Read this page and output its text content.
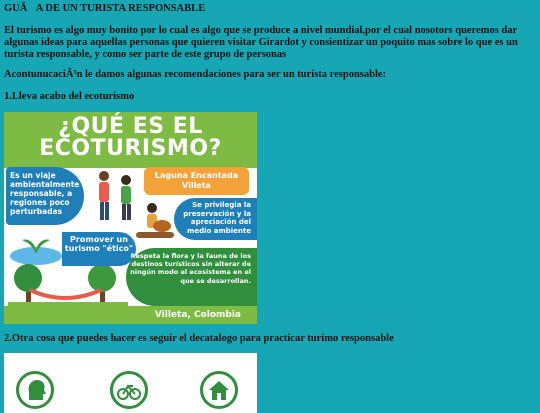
GUÃA DE UN TURISTA RESPONSABLE
El turismo es algo muy bonito por lo cual es algo que se produce a nivel mundial,por el cual nosotors queremos dar algunas ideas para aquellas personas que quieren visitar Girardot y consientizar un poquito mas sobre lo que es un turista responsable, y como ser parte de este grupo de personas
AcontunucaciÃ³n le damos algunas recomendaciones para ser un turista responsable:
1.Lleva acabo del ecoturismo
¿QUÉ ES EL
ECOTURISMO?
Es un viaje ambientalmente responsable, a regiones poco perturbadas
Laguna Encantada Villeta
Se privilegia la preservación y la apreciación del medio ambiente
Promover un turismo "ético"
Respeta la flora y la fauna de los destinos turísticos sin alterar de ningún modo el ecosistema en el que se desarrollan.
Villeta, Colombia
2.Otra cosa que puedes hacer es seguir el decatalogo para practicar turimo responsable
